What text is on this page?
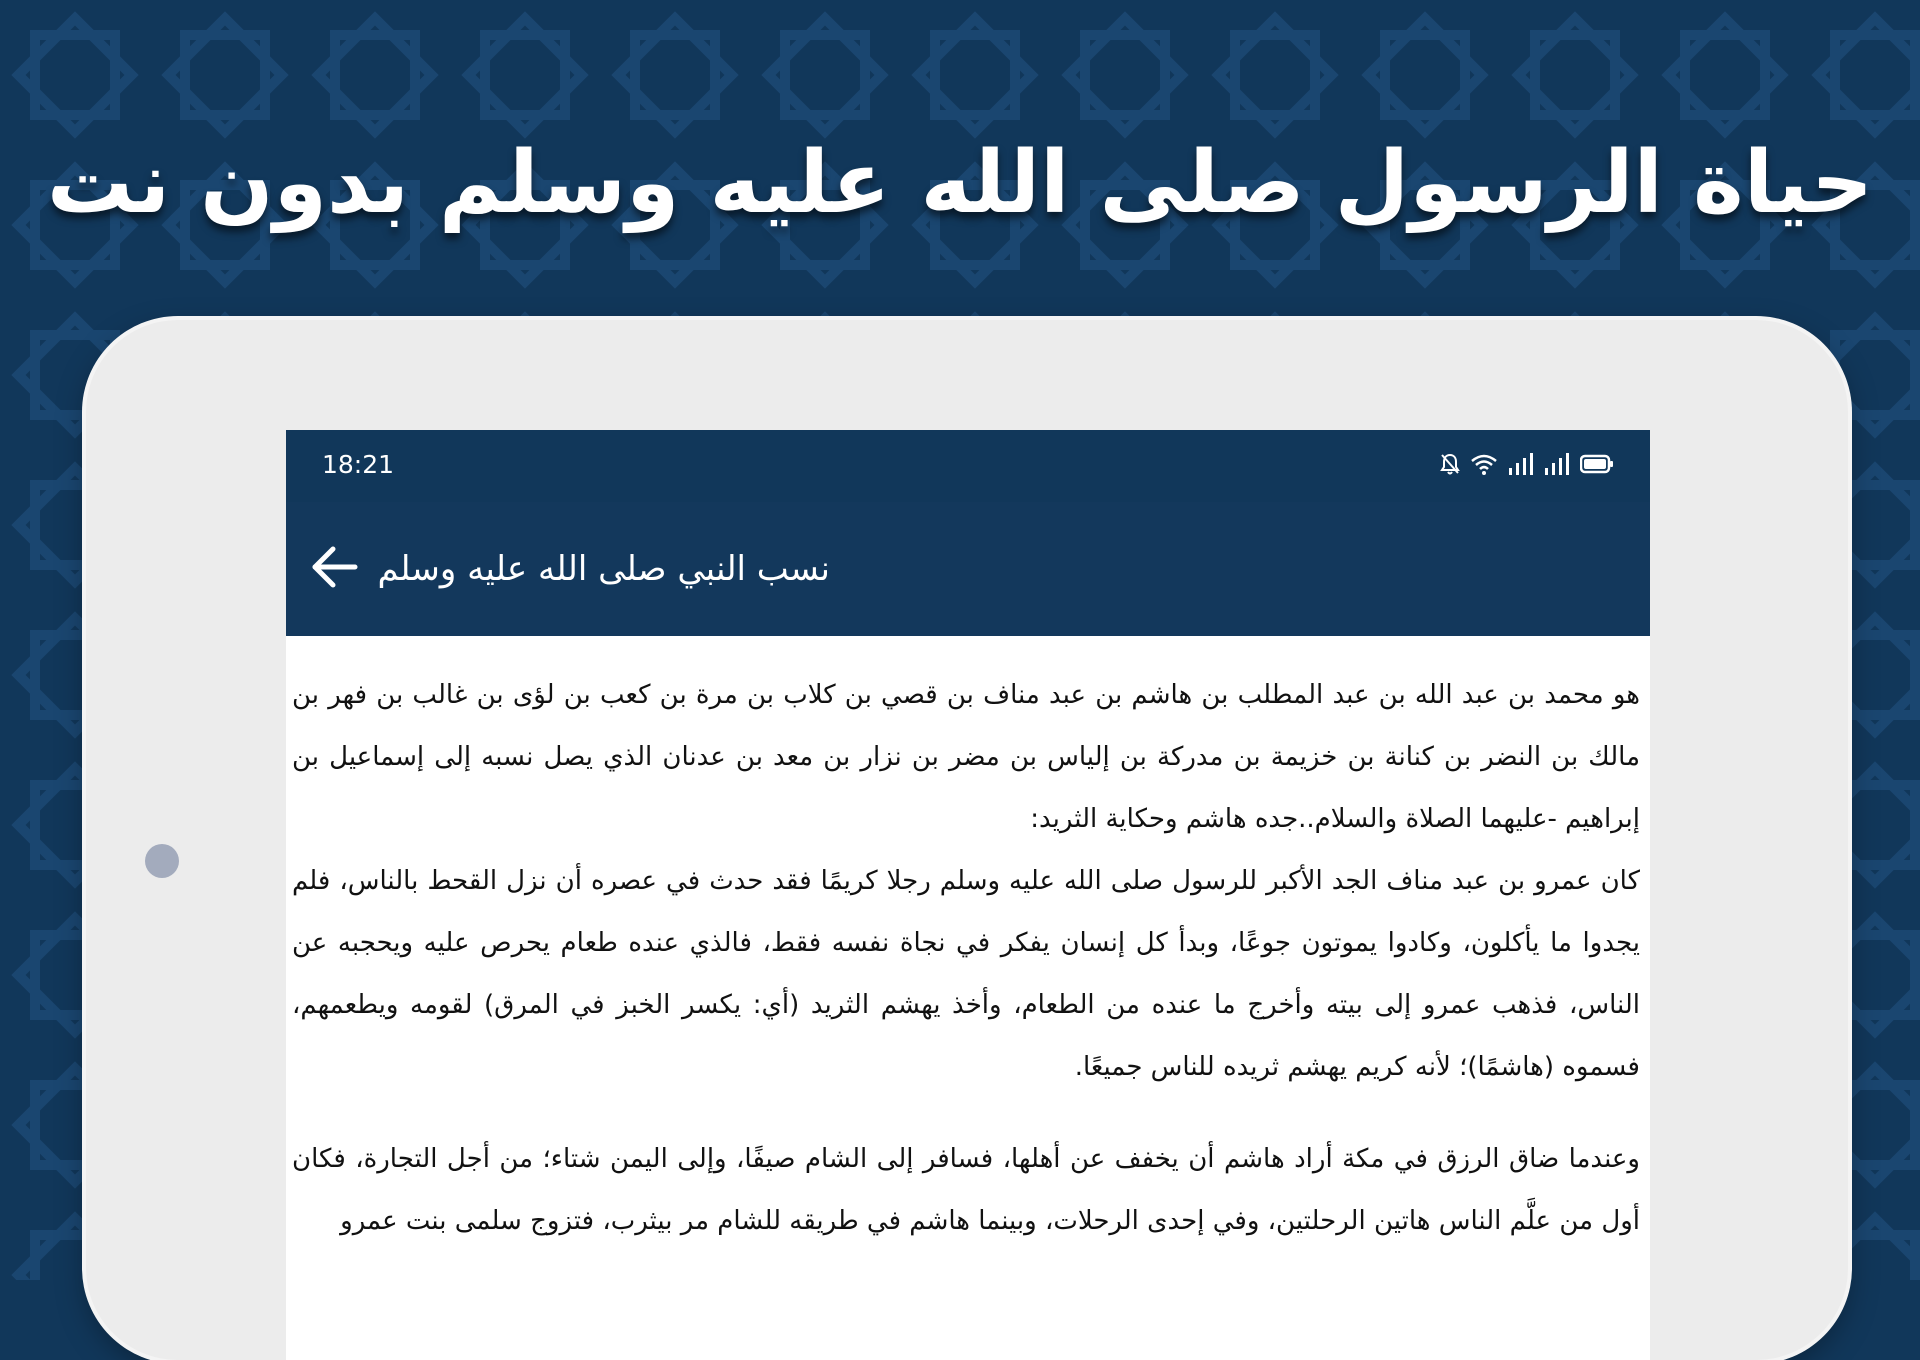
حياة الرسول صلى الله عليه وسلم بدون نت
18:21
نسب النبي صلى الله عليه وسلم

هو محمد بن عبد الله بن عبد المطلب بن هاشم بن عبد مناف بن قصي بن كلاب بن مرة بن كعب بن لؤى بن غالب بن فهر بن مالك بن النضر بن كنانة بن خزيمة بن مدركة بن إلياس بن مضر بن نزار بن معد بن عدنان الذي يصل نسبه إلى إسماعيل بن إبراهيم -عليهما الصلاة والسلام..جده هاشم وحكاية الثريد:
كان عمرو بن عبد مناف الجد الأكبر للرسول صلى الله عليه وسلم رجلا كريمًا فقد حدث في عصره أن نزل القحط بالناس، فلم يجدوا ما يأكلون، وكادوا يموتون جوعًا، وبدأ كل إنسان يفكر في نجاة نفسه فقط، فالذي عنده طعام يحرص عليه ويحجبه عن الناس، فذهب عمرو إلى بيته وأخرج ما عنده من الطعام، وأخذ يهشم الثريد (أي: يكسر الخبز في المرق) لقومه ويطعمهم، فسموه (هاشمًا)؛ لأنه كريم يهشم ثريده للناس جميعًا.

وعندما ضاق الرزق في مكة أراد هاشم أن يخفف عن أهلها، فسافر إلى الشام صيفًا، وإلى اليمن شتاء؛ من أجل التجارة، فكان أول من علَّم الناس هاتين الرحلتين، وفي إحدى الرحلات، وبينما هاشم في طريقه للشام مر بيثرب، فتزوج سلمى بنت عمرو
